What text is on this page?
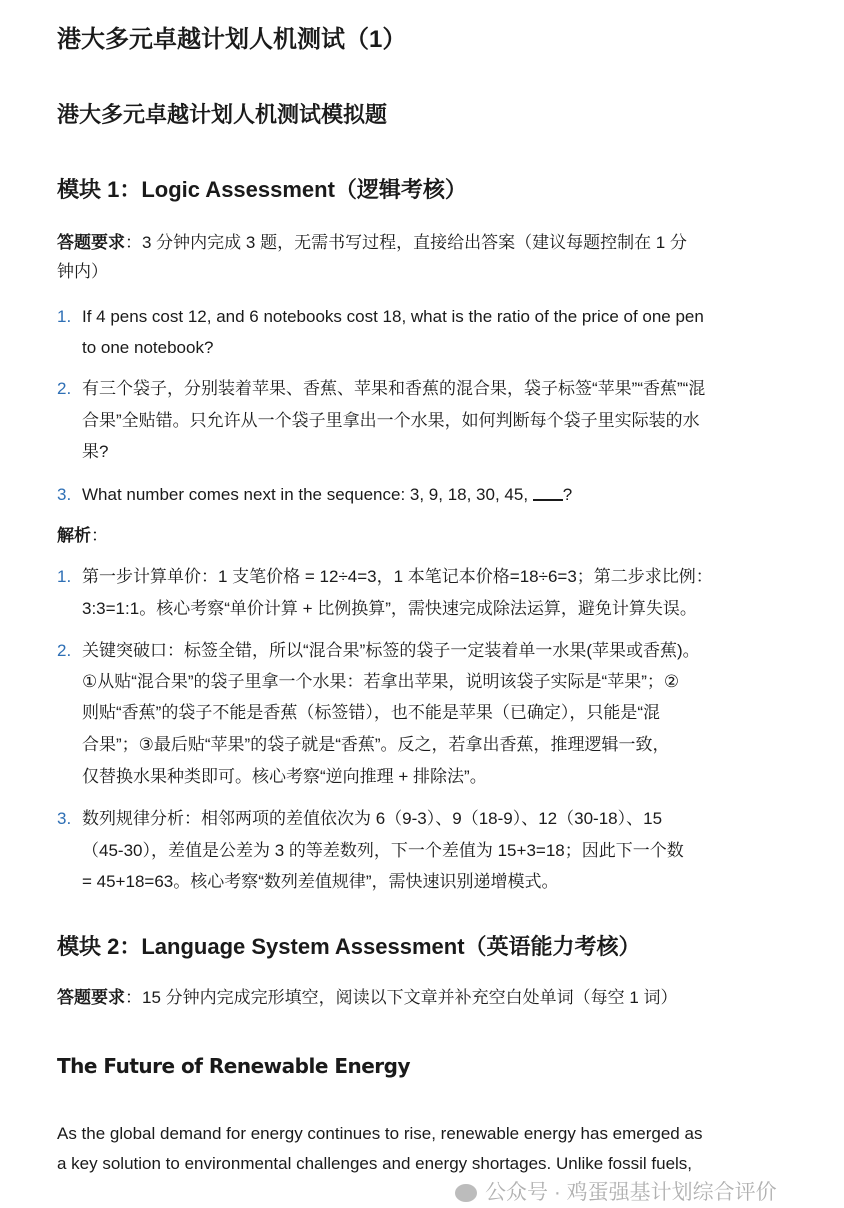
港大多元卓越计划人机测试（1）
港大多元卓越计划人机测试模拟题
模块 1：Logic Assessment（逻辑考核）
答题要求：3 分钟内完成 3 题，无需书写过程，直接给出答案（建议每题控制在 1 分
钟内）
1. If 4 pens cost 12, and 6 notebooks cost 18, what is the ratio of the price of one pen
to one notebook?
2. 有三个袋子，分别装着苹果、香蕉、苹果和香蕉的混合果，袋子标签“苹果”“香蕉”“混
合果”全贴错。只允许从一个袋子里拿出一个水果，如何判断每个袋子里实际装的水
果?
3. What number comes next in the sequence: 3, 9, 18, 30, 45, ?
解析：
1. 第一步计算单价：1 支笔价格 = 12÷4=3，1 本笔记本价格=18÷6=3；第二步求比例：
3:3=1:1。核心考察“单价计算 + 比例换算”，需快速完成除法运算，避免计算失误。
2. 关键突破口：标签全错，所以“混合果”标签的袋子一定装着单一水果(苹果或香蕉)。
①从贴“混合果”的袋子里拿一个水果：若拿出苹果，说明该袋子实际是“苹果”；②
则贴“香蕉”的袋子不能是香蕉（标签错），也不能是苹果（已确定），只能是“混
合果”；③最后贴“苹果”的袋子就是“香蕉”。反之，若拿出香蕉，推理逻辑一致，
仅替换水果种类即可。核心考察“逆向推理 + 排除法”。
3. 数列规律分析：相邻两项的差值依次为 6（9-3）、9（18-9）、12（30-18）、15
（45-30），差值是公差为 3 的等差数列，下一个差值为 15+3=18；因此下一个数
= 45+18=63。核心考察“数列差值规律”，需快速识别递增模式。
模块 2：Language System Assessment（英语能力考核）
答题要求：15 分钟内完成完形填空，阅读以下文章并补充空白处单词（每空 1 词）
The Future of Renewable Energy
As the global demand for energy continues to rise, renewable energy has emerged as
a key solution to environmental challenges and energy shortages. Unlike fossil fuels,
公众号 · 鸡蛋强基计划综合评价
